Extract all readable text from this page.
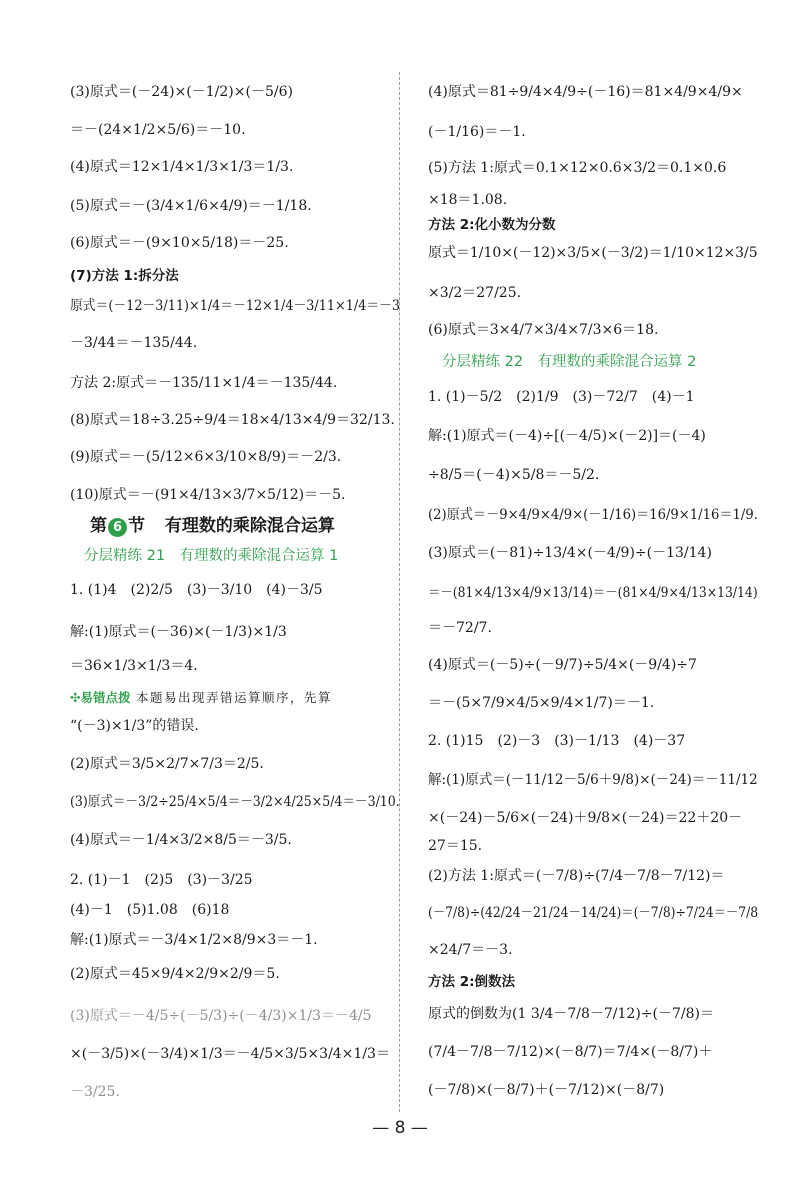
(3)原式＝(－24)×(－1/2)×(－5/6)
＝－(24×1/2×5/6)＝－10.
(4)原式＝12×1/4×1/3×1/3＝1/3.
(5)原式＝－(3/4×1/6×4/9)＝－1/18.
(6)原式＝－(9×10×5/18)＝－25.
(7)方法 1:拆分法
原式＝(－12－3/11)×1/4＝－12×1/4－3/11×1/4＝－3
－3/44＝－135/44.
方法 2:原式＝－135/11×1/4＝－135/44.
(8)原式＝18÷3.25÷9/4＝18×4/13×4/9＝32/13.
(9)原式＝－(5/12×6×3/10×8/9)＝－2/3.
(10)原式＝－(91×4/13×3/7×5/12)＝－5.
第 6 节 有理数的乘除混合运算
分层精练 21　有理数的乘除混合运算 1
1. (1)4　(2)2/5　(3)－3/10　(4)－3/5
解:(1)原式＝(－36)×(－1/3)×1/3
＝36×1/3×1/3＝4.
✣易错点拨 本题易出现弄错运算顺序，先算
“(－3)×1/3”的错误.
(2)原式＝3/5×2/7×7/3＝2/5.
(3)原式＝－3/2÷25/4×5/4＝－3/2×4/25×5/4＝－3/10.
(4)原式＝－1/4×3/2×8/5＝－3/5.
2. (1)－1　(2)5　(3)－3/25
(4)－1　(5)1.08　(6)18
解:(1)原式＝－3/4×1/2×8/9×3＝－1.
(2)原式＝45×9/4×2/9×2/9＝5.
(3)原式＝－4/5÷(－5/3)÷(－4/3)×1/3＝－4/5
×(－3/5)×(－3/4)×1/3＝－4/5×3/5×3/4×1/3＝
－3/25.
(4)原式＝81÷9/4×4/9÷(－16)＝81×4/9×4/9×
(－1/16)＝－1.
(5)方法 1:原式＝0.1×12×0.6×3/2＝0.1×0.6
×18＝1.08.
方法 2:化小数为分数
原式＝1/10×(－12)×3/5×(－3/2)＝1/10×12×3/5
×3/2＝27/25.
(6)原式＝3×4/7×3/4×7/3×6＝18.
分层精练 22　有理数的乘除混合运算 2
1. (1)－5/2　(2)1/9　(3)－72/7　(4)－1
解:(1)原式＝(－4)÷[(－4/5)×(－2)]＝(－4)
÷8/5＝(－4)×5/8＝－5/2.
(2)原式＝－9×4/9×4/9×(－1/16)＝16/9×1/16＝1/9.
(3)原式＝(－81)÷13/4×(－4/9)÷(－13/14)
＝－(81×4/13×4/9×13/14)＝－(81×4/9×4/13×13/14)
＝－72/7.
(4)原式＝(－5)÷(－9/7)÷5/4×(－9/4)÷7
＝－(5×7/9×4/5×9/4×1/7)＝－1.
2. (1)15　(2)－3　(3)－1/13　(4)－37
解:(1)原式＝(－11/12－5/6＋9/8)×(－24)＝－11/12
×(－24)－5/6×(－24)＋9/8×(－24)＝22＋20－
27＝15.
(2)方法 1:原式＝(－7/8)÷(7/4－7/8－7/12)＝
(－7/8)÷(42/24－21/24－14/24)＝(－7/8)÷7/24＝－7/8
×24/7＝－3.
方法 2:倒数法
原式的倒数为(1 3/4－7/8－7/12)÷(－7/8)＝
(7/4－7/8－7/12)×(－8/7)＝7/4×(－8/7)＋
(－7/8)×(－8/7)＋(－7/12)×(－8/7)
— 8 —
